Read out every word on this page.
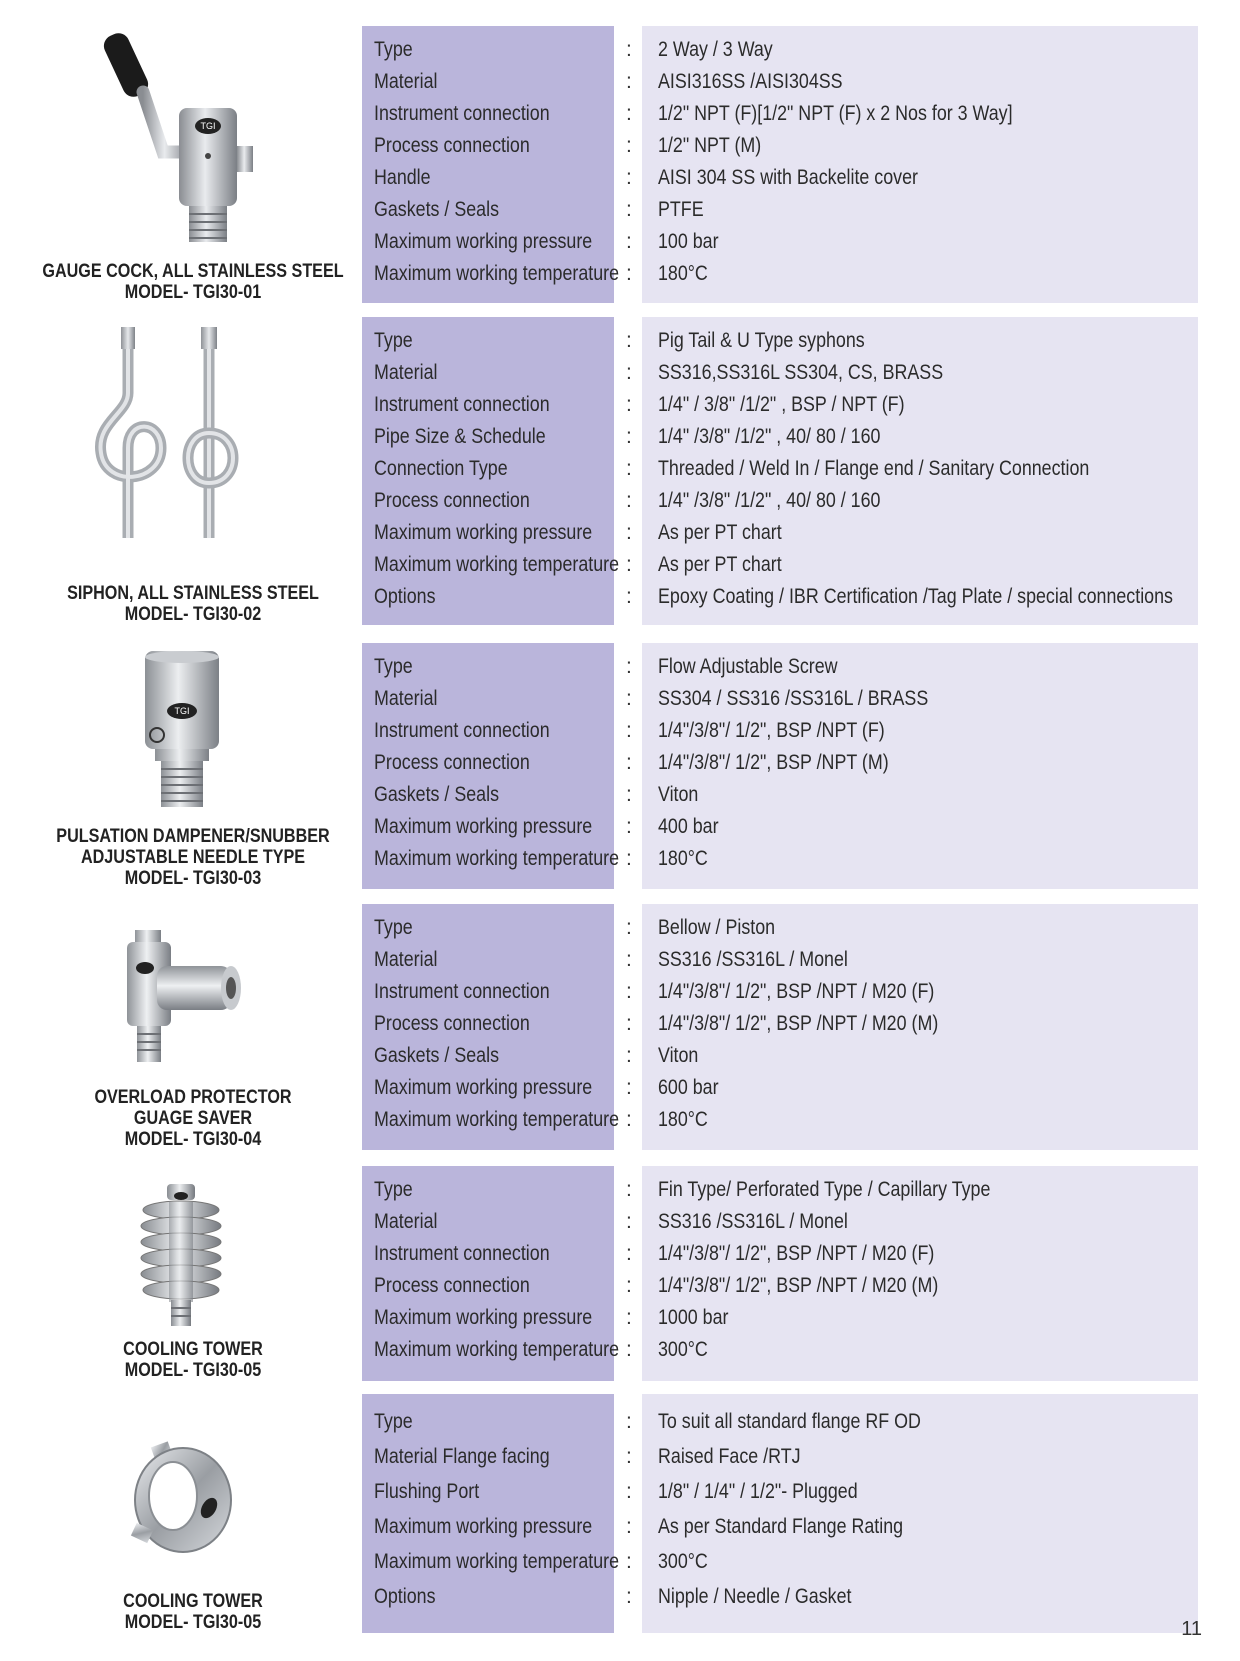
TGI
GAUGE COCK, ALL STAINLESS STEEL
MODEL- TGI30-01
Type	: 2 Way / 3 Way
Material	: AISI316SS /AISI304SS
Instrument connection	: 1/2" NPT (F)[1/2" NPT (F) x 2 Nos for 3 Way]
Process connection	: 1/2" NPT (M)
Handle	: AISI 304 SS with Backelite cover
Gaskets / Seals	: PTFE
Maximum working pressure : 100 bar
Maximum working temperature : 180°C
SIPHON, ALL STAINLESS STEEL
MODEL- TGI30-02
Type	: Pig Tail & U Type syphons
Material	: SS316,SS316L SS304, CS, BRASS
Instrument connection	: 1/4" / 3/8" /1/2" , BSP / NPT (F)
Pipe Size & Schedule	: 1/4" /3/8" /1/2" , 40/ 80 / 160
Connection Type	: Threaded / Weld In / Flange end / Sanitary Connection
Process connection	: 1/4" /3/8" /1/2" , 40/ 80 / 160
Maximum working pressure : As per PT chart
Maximum working temperature : As per PT chart
Options	: Epoxy Coating / IBR Certification /Tag Plate / special connections
TGI
PULSATION DAMPENER/SNUBBER
ADJUSTABLE NEEDLE TYPE
MODEL- TGI30-03
Type	: Flow Adjustable Screw
Material	: SS304 / SS316 /SS316L / BRASS
Instrument connection	: 1/4"/3/8"/ 1/2", BSP /NPT (F)
Process connection	: 1/4"/3/8"/ 1/2", BSP /NPT (M)
Gaskets / Seals	: Viton
Maximum working pressure : 400 bar
Maximum working temperature : 180°C
OVERLOAD PROTECTOR
GUAGE SAVER
MODEL- TGI30-04
Type	: Bellow / Piston
Material	: SS316 /SS316L / Monel
Instrument connection	: 1/4"/3/8"/ 1/2", BSP /NPT / M20 (F)
Process connection	: 1/4"/3/8"/ 1/2", BSP /NPT / M20 (M)
Gaskets / Seals	: Viton
Maximum working pressure : 600 bar
Maximum working temperature : 180°C
COOLING TOWER
MODEL- TGI30-05
Type	: Fin Type/ Perforated Type / Capillary Type
Material	: SS316 /SS316L / Monel
Instrument connection	: 1/4"/3/8"/ 1/2", BSP /NPT / M20 (F)
Process connection	: 1/4"/3/8"/ 1/2", BSP /NPT / M20 (M)
Maximum working pressure : 1000 bar
Maximum working temperature : 300°C
COOLING TOWER
MODEL- TGI30-05
Type	: To suit all standard flange RF OD
Material Flange facing	: Raised Face /RTJ
Flushing Port	: 1/8" / 1/4" / 1/2"- Plugged
Maximum working pressure : As per Standard Flange Rating
Maximum working temperature : 300°C
Options	: Nipple / Needle / Gasket
11
